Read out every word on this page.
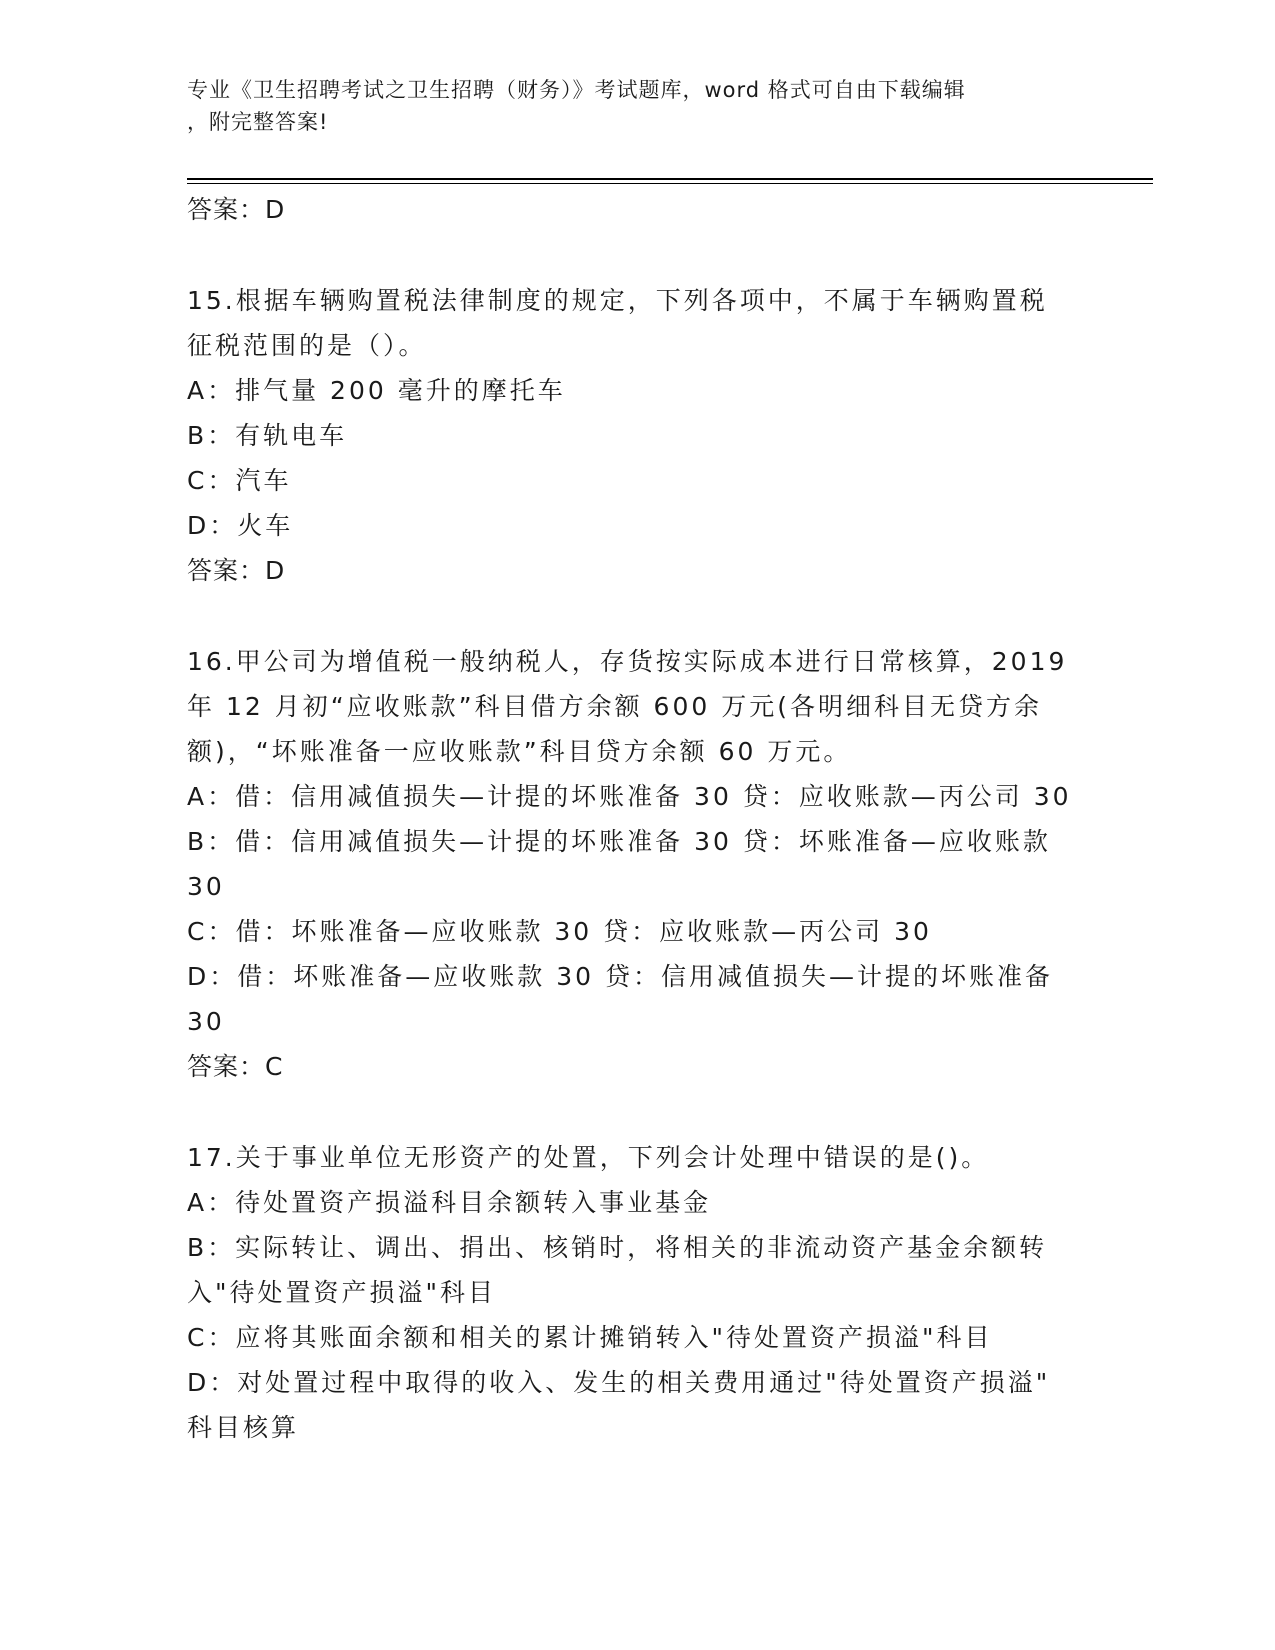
专业《卫生招聘考试之卫生招聘（财务）》考试题库，word 格式可自由下载编辑
，附完整答案!
答案：D
15.根据车辆购置税法律制度的规定，下列各项中，不属于车辆购置税
征税范围的是（）。
A：排气量 200 毫升的摩托车
B：有轨电车
C：汽车
D：火车
答案：D
16.甲公司为增值税一般纳税人，存货按实际成本进行日常核算，2019
年 12 月初“应收账款”科目借方余额 600 万元(各明细科目无贷方余
额)，“坏账准备一应收账款”科目贷方余额 60 万元。
A：借：信用减值损失—计提的坏账准备 30 贷：应收账款—丙公司 30
B：借：信用减值损失—计提的坏账准备 30 贷：坏账准备—应收账款
30
C：借：坏账准备—应收账款 30 贷：应收账款—丙公司 30
D：借：坏账准备—应收账款 30 贷：信用减值损失—计提的坏账准备
30
答案：C
17.关于事业单位无形资产的处置，下列会计处理中错误的是()。
A：待处置资产损溢科目余额转入事业基金
B：实际转让、调出、捐出、核销时，将相关的非流动资产基金余额转
入"待处置资产损溢"科目
C：应将其账面余额和相关的累计摊销转入"待处置资产损溢"科目
D：对处置过程中取得的收入、发生的相关费用通过"待处置资产损溢"
科目核算
